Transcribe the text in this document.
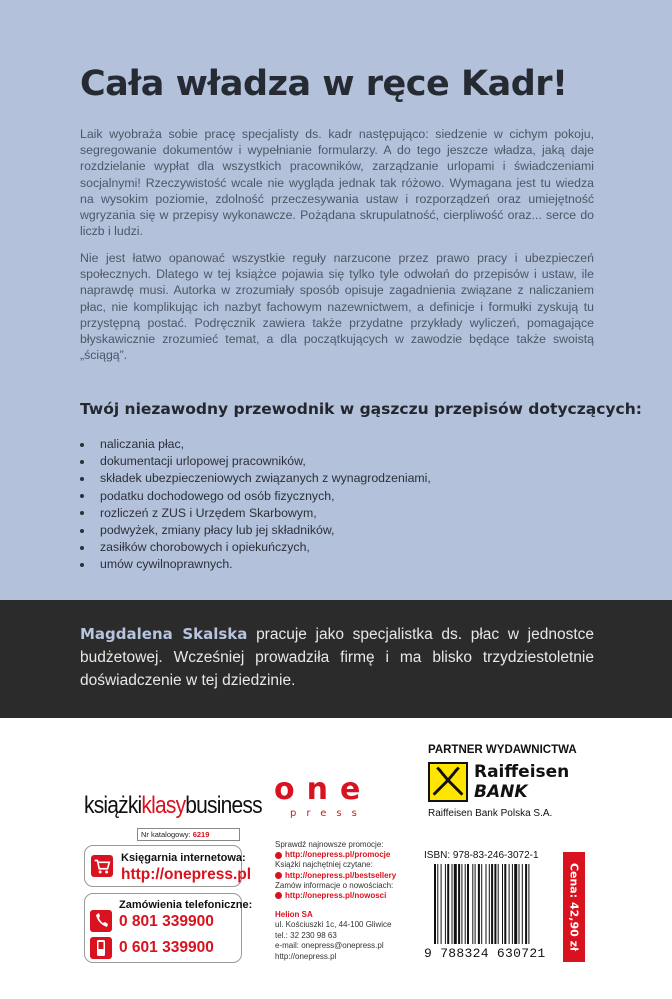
Cała władza w ręce Kadr!

Laik wyobraża sobie pracę specjalisty ds. kadr następująco: siedzenie w cichym pokoju, segregowanie dokumentów i wypełnianie formularzy. A do tego jeszcze władza, jaką daje rozdzielanie wypłat dla wszystkich pracowników, zarządzanie urlopami i świadczeniami socjalnymi! Rzeczywistość wcale nie wygląda jednak tak różowo. Wymagana jest tu wiedza na wysokim poziomie, zdolność przeczesywania ustaw i rozporządzeń oraz umiejętność wgryzania się w przepisy wykonawcze. Pożądana skrupulatność, cierpliwość oraz... serce do liczb i ludzi.

Nie jest łatwo opanować wszystkie reguły narzucone przez prawo pracy i ubezpieczeń społecznych. Dlatego w tej książce pojawia się tylko tyle odwołań do przepisów i ustaw, ile naprawdę musi. Autorka w zrozumiały sposób opisuje zagadnienia związane z naliczaniem płac, nie komplikując ich nazbyt fachowym nazewnictwem, a definicje i formułki zyskują tu przystępną postać. Podręcznik zawiera także przydatne przykłady wyliczeń, pomagające błyskawicznie zrozumieć temat, a dla początkujących w zawodzie będące także swoistą „ściągą”.

Twój niezawodny przewodnik w gąszczu przepisów dotyczących:
naliczania płac,
dokumentacji urlopowej pracowników,
składek ubezpieczeniowych związanych z wynagrodzeniami,
podatku dochodowego od osób fizycznych,
rozliczeń z ZUS i Urzędem Skarbowym,
podwyżek, zmiany płacy lub jej składników,
zasiłków chorobowych i opiekuńczych,
umów cywilnoprawnych.

Magdalena Skalska pracuje jako specjalistka ds. płac w jednostce budżetowej. Wcześniej prowadziła firmę i ma blisko trzydziestoletnie doświadczenie w tej dziedzinie.

książkiklasybusiness
Nr katalogowy: 6219
Księgarnia internetowa:
http://onepress.pl
Zamówienia telefoniczne:
0 801 339900
0 601 339900
one
press
Sprawdź najnowsze promocje:
http://onepress.pl/promocje
Książki najchętniej czytane:
http://onepress.pl/bestsellery
Zamów informacje o nowościach:
http://onepress.pl/nowosci
Helion SA
ul. Kościuszki 1c, 44-100 Gliwice
tel.: 32 230 98 63
e-mail: onepress@onepress.pl
http://onepress.pl
PARTNER WYDAWNICTWA
Raiffeisen
BANK
Raiffeisen Bank Polska S.A.
ISBN: 978-83-246-3072-1
9 788324 630721
Cena: 42,90 zł
